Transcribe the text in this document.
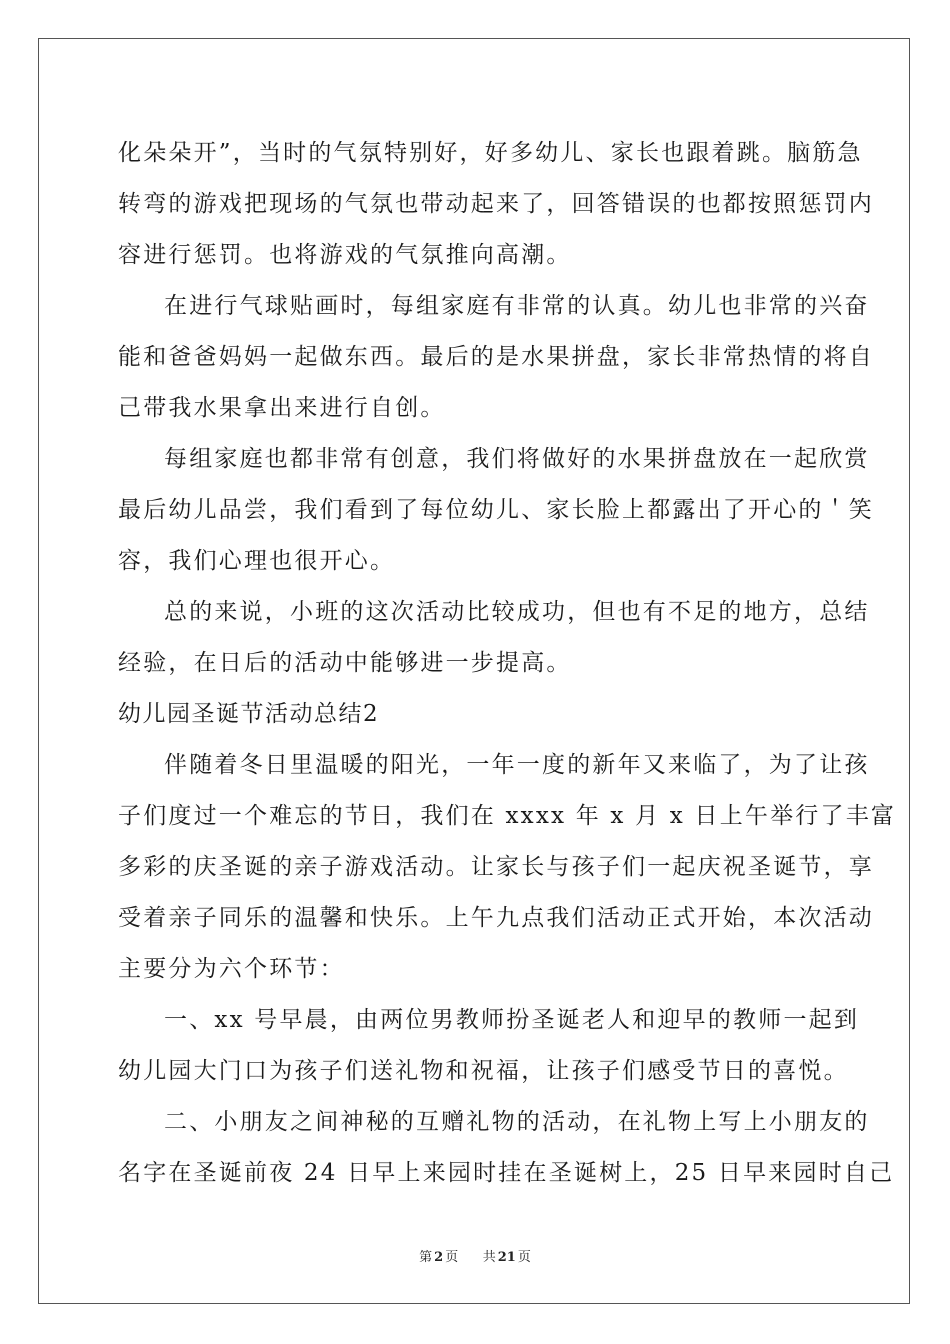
化朵朵开”，当时的气氛特别好，好多幼儿、家长也跟着跳。脑筋急
转弯的游戏把现场的气氛也带动起来了，回答错误的也都按照惩罚内
容进行惩罚。也将游戏的气氛推向高潮。
在进行气球贴画时，每组家庭有非常的认真。幼儿也非常的兴奋
能和爸爸妈妈一起做东西。最后的是水果拼盘，家长非常热情的将自
己带我水果拿出来进行自创。
每组家庭也都非常有创意，我们将做好的水果拼盘放在一起欣赏
最后幼儿品尝，我们看到了每位幼儿、家长脸上都露出了开心的＇笑
容，我们心理也很开心。
总的来说，小班的这次活动比较成功，但也有不足的地方，总结
经验，在日后的活动中能够进一步提高。
幼儿园圣诞节活动总结2
伴随着冬日里温暖的阳光，一年一度的新年又来临了，为了让孩
子们度过一个难忘的节日，我们在 xxxx 年 x 月 x 日上午举行了丰富
多彩的庆圣诞的亲子游戏活动。让家长与孩子们一起庆祝圣诞节，享
受着亲子同乐的温馨和快乐。上午九点我们活动正式开始，本次活动
主要分为六个环节：
一、xx 号早晨，由两位男教师扮圣诞老人和迎早的教师一起到
幼儿园大门口为孩子们送礼物和祝福，让孩子们感受节日的喜悦。
二、小朋友之间神秘的互赠礼物的活动，在礼物上写上小朋友的
名字在圣诞前夜 24 日早上来园时挂在圣诞树上，25 日早来园时自己
第 2 页 共 21 页
